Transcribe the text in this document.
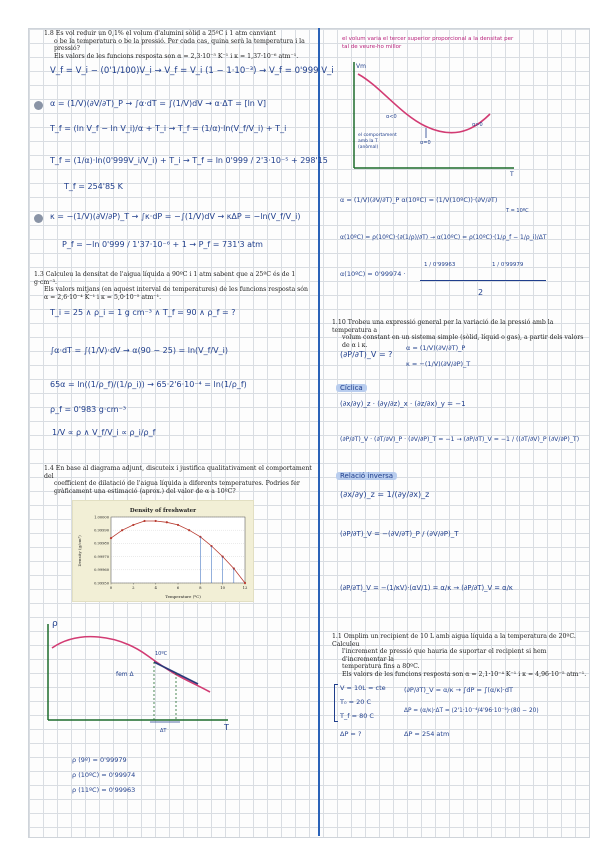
1.8 Es vol reduir un 0,1% el volum d'alumini sòlid a 25ºC i 1 atm canviant
o be la temperatura o be la pressió. Per cada cas, quina serà la temperatura i la pressió?
Els valors de les funcions resposta son α = 2,3·10⁻⁵ K⁻¹ i κ = 1,37·10⁻⁶ atm⁻¹.
V_f = V_i − (0'1/100)V_i → V_f = V_i (1 − 1·10⁻³) → V_f = 0'999 V_i
α = (1/V)(∂V/∂T)_P → ∫α·dT = ∫(1/V)dV → α·ΔT = [ln V]
T_f = (ln V_f − ln V_i)/α + T_i → T_f = (1/α)·ln(V_f/V_i) + T_i
T_f = (1/α)·ln(0'999V_i/V_i) + T_i → T_f = ln 0'999 / 2'3·10⁻⁵ + 298'15
T_f = 254'85 K
κ = −(1/V)(∂V/∂P)_T → ∫κ·dP = −∫(1/V)dV → κΔP = −ln(V_f/V_i)
P_f = −ln 0'999 / 1'37·10⁻⁶ + 1 → P_f = 731'3 atm
1.3 Calculeu la densitat de l'aigua líquida a 90ºC i 1 atm sabent que a 25ºC és de 1 g·cm⁻³.
Els valors mitjans (en aquest interval de temperatures) de les funcions resposta són
α = 2,6·10⁻⁴ K⁻¹ i κ = 5,0·10⁻⁵ atm⁻¹.
T_i = 25 ∧ ρ_i = 1 g cm⁻³ ∧ T_f = 90 ∧ ρ_f = ?
∫α·dT = ∫(1/V)·dV → α(90 − 25) = ln(V_f/V_i)
65α = ln((1/ρ_f)/(1/ρ_i)) → 65·2'6·10⁻⁴ = ln(1/ρ_f)
ρ_f = 0'983 g·cm⁻³
1/V ∝ ρ ∧ V_f/V_i ∝ ρ_i/ρ_f
1.4 En base al diagrama adjunt, discuteix i justifica qualitativament el comportament del
coefficient de dilatació de l'aigua líquida a diferents temperatures. Podries fer
gràficament una estimació (aprox.) del valor de α a 10ºC?
Density of freshwater
Density (g/cm³)
Temperature (ºC)
0.99950
0.99960
0.99970
0.99980
0.99990
1.00000
0	2	4	6	8	10	12
ρ
T
10ºC
fem Δ
ΔT
ρ (9º) = 0'99979
ρ (10ºC) = 0'99974
ρ (11ºC) = 0'99963
el volum varia el tercer superior proporcional a la densitat per
tal de veure-ho millor
Vm
T
α<0
α>0
α=0
el comportament
amb la T
(anòmal)
α = (1/V)(∂V/∂T)_P α(10ºC) = (1/V(10ºC))·(∂V/∂T)
T = 10ºC
α(10ºC) = ρ(10ºC)·(∂(1/ρ)/∂T) → α(10ºC) = ρ(10ºC)·(1/ρ_f − 1/ρ_i)/ΔT
α(10ºC) = 0'99974 ·
1 / 0'99963	1 / 0'99979
2
1.10 Trobeu una expressió general per la variació de la pressió amb la temperatura a
volum constant en un sistema simple (sòlid, líquid o gas), a partir dels valors de α i κ.
(∂P/∂T)_V = ?
α = (1/V)(∂V/∂T)_P
κ = −(1/V)(∂V/∂P)_T
Cíclica
(∂x/∂y)_z · (∂y/∂z)_x · (∂z/∂x)_y = −1
(∂P/∂T)_V · (∂T/∂V)_P · (∂V/∂P)_T = −1 → (∂P/∂T)_V = −1 / ((∂T/∂V)_P (∂V/∂P)_T)
Relació inversa
(∂x/∂y)_z = 1/(∂y/∂x)_z
(∂P/∂T)_V = −(∂V/∂T)_P / (∂V/∂P)_T
(∂P/∂T)_V = −(1/κV)·(αV/1) = α/κ → (∂P/∂T)_V = α/κ
1.1 Omplim un recipient de 10 L amb aigua líquida a la temperatura de 20ºC. Calculeu
l'increment de pressió que hauria de suportar el recipient si hem d'incrementar la
temperatura fins a 80ºC.
Els valors de les funcions resposta son α = 2,1·10⁻⁴ K⁻¹ i κ = 4,96·10⁻⁵ atm⁻¹.
V = 10L = cte
T₀ = 20 C
T_f = 80 C
ΔP = ?
(∂P/∂T)_V = α/κ → ∫dP = ∫(α/κ)·dT
ΔP = (α/κ)·ΔT = (2'1·10⁻⁴/4'96·10⁻⁵)·(80 − 20)
ΔP = 254 atm
